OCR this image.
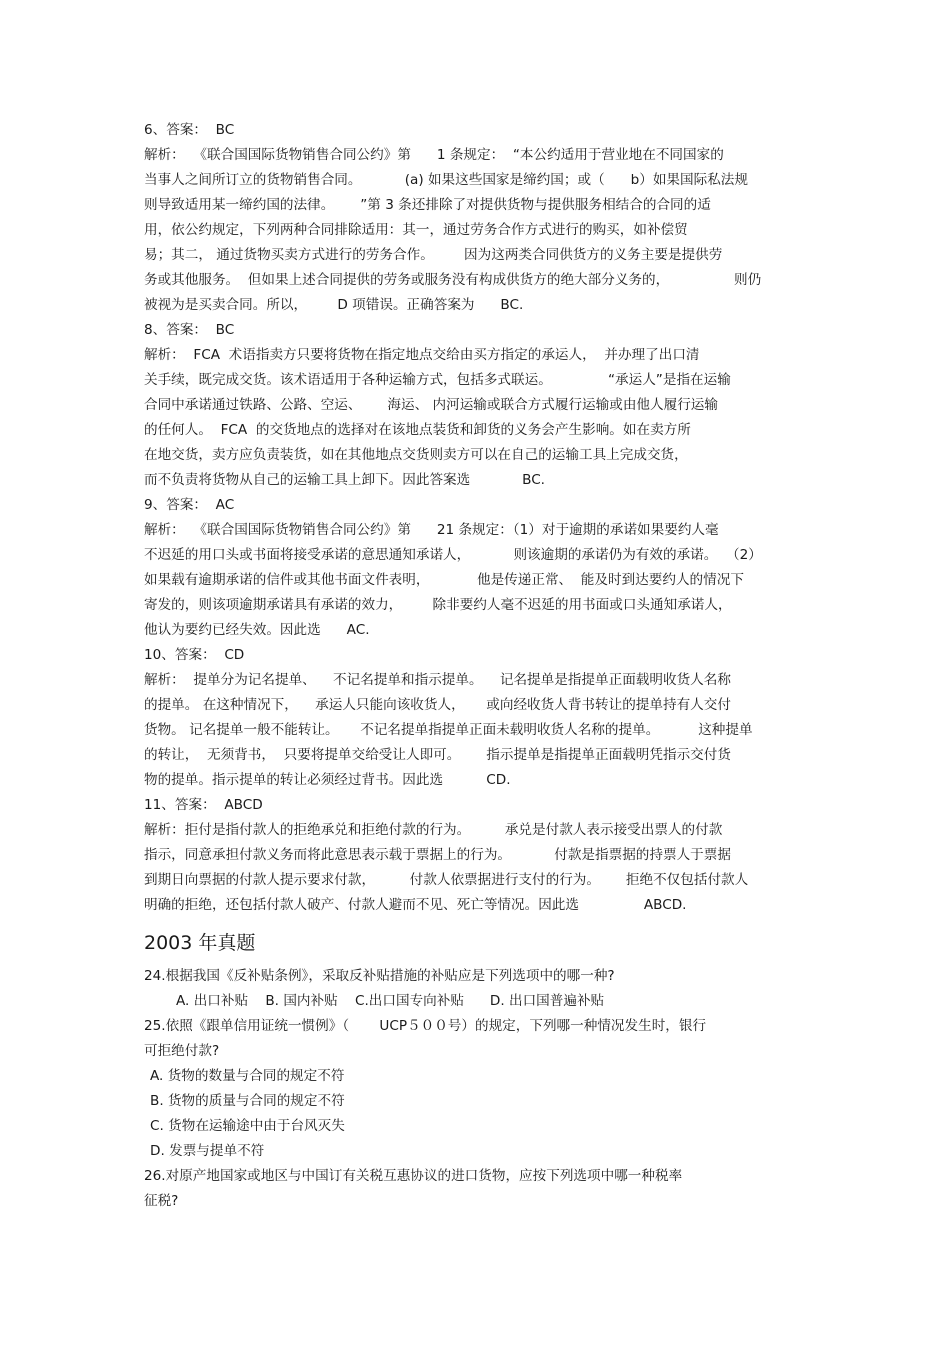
6、答案：  BC
解析：  《联合国国际货物销售合同公约》第      1 条规定：  “本公约适用于营业地在不同国家的
当事人之间所订立的货物销售合同。          (a) 如果这些国家是缔约国；或（      b）如果国际私法规
则导致适用某一缔约国的法律。      ”第 3 条还排除了对提供货物与提供服务相结合的合同的适
用，依公约规定，下列两种合同排除适用：其一，通过劳务合作方式进行的购买，如补偿贸
易；其二， 通过货物买卖方式进行的劳务合作。       因为这两类合同供货方的义务主要是提供劳
务或其他服务。  但如果上述合同提供的劳务或服务没有构成供货方的绝大部分义务的，               则仍
被视为是买卖合同。所以，       D 项错误。正确答案为      BC.
8、答案：  BC
解析：  FCA  术语指卖方只要将货物在指定地点交给由买方指定的承运人，  并办理了出口清
关手续，既完成交货。该术语适用于各种运输方式，包括多式联运。             “承运人”是指在运输
合同中承诺通过铁路、公路、空运、      海运、 内河运输或联合方式履行运输或由他人履行运输
的任何人。  FCA  的交货地点的选择对在该地点装货和卸货的义务会产生影响。如在卖方所
在地交货，卖方应负责装货，如在其他地点交货则卖方可以在自己的运输工具上完成交货，
而不负责将货物从自己的运输工具上卸下。因此答案选            BC.
9、答案：  AC
解析：  《联合国国际货物销售合同公约》第      21 条规定：（1）对于逾期的承诺如果要约人毫
不迟延的用口头或书面将接受承诺的意思通知承诺人，          则该逾期的承诺仍为有效的承诺。  （2）
如果载有逾期承诺的信件或其他书面文件表明，           他是传递正常、  能及时到达要约人的情况下
寄发的，则该项逾期承诺具有承诺的效力，       除非要约人毫不迟延的用书面或口头通知承诺人，
他认为要约已经失效。因此选      AC.
10、答案：  CD
解析：  提单分为记名提单、    不记名提单和指示提单。    记名提单是指提单正面载明收货人名称
的提单。 在这种情况下，    承运人只能向该收货人，     或向经收货人背书转让的提单持有人交付
货物。 记名提单一般不能转让。     不记名提单指提单正面未载明收货人名称的提单。         这种提单
的转让，  无须背书，  只要将提单交给受让人即可。      指示提单是指提单正面载明凭指示交付货
物的提单。指示提单的转让必须经过背书。因此选          CD.
11、答案：  ABCD
解析：拒付是指付款人的拒绝承兑和拒绝付款的行为。        承兑是付款人表示接受出票人的付款
指示，同意承担付款义务而将此意思表示载于票据上的行为。          付款是指票据的持票人于票据
到期日向票据的付款人提示要求付款，        付款人依票据进行支付的行为。      拒绝不仅包括付款人
明确的拒绝，还包括付款人破产、付款人避而不见、死亡等情况。因此选               ABCD.
2003 年真题
24.根据我国《反补贴条例》，采取反补贴措施的补贴应是下列选项中的哪一种?
A. 出口补贴    B. 国内补贴    C.出口国专向补贴      D. 出口国普遍补贴
25.依照《跟单信用证统一惯例》（       UCP５００号）的规定，下列哪一种情况发生时，银行
可拒绝付款?
A. 货物的数量与合同的规定不符
B. 货物的质量与合同的规定不符
C. 货物在运输途中由于台风灭失
D. 发票与提单不符
26.对原产地国家或地区与中国订有关税互惠协议的进口货物，应按下列选项中哪一种税率
征税?
